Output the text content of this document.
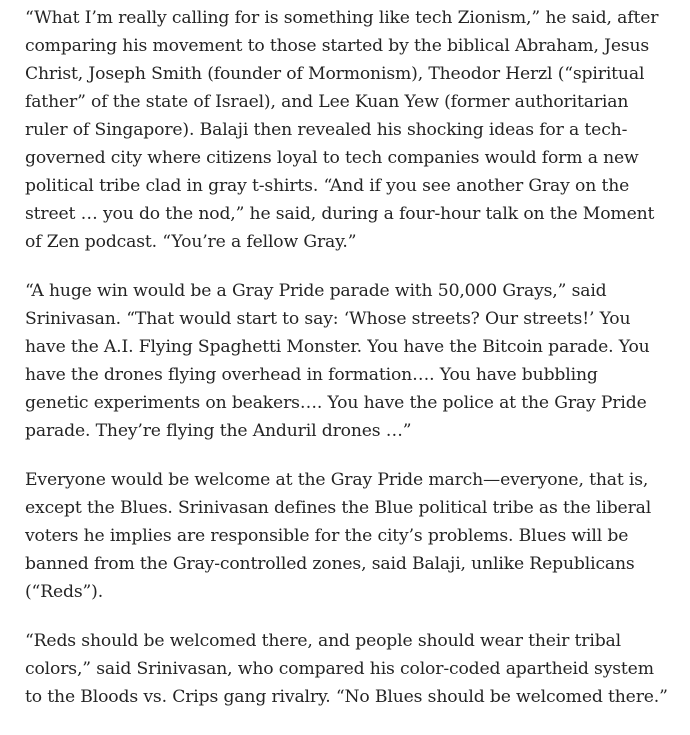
“What I’m really calling for is something like tech Zionism,” he said, after
comparing his movement to those started by the biblical Abraham, Jesus
Christ, Joseph Smith (founder of Mormonism), Theodor Herzl (“spiritual
father” of the state of Israel), and Lee Kuan Yew (former authoritarian
ruler of Singapore). Balaji then revealed his shocking ideas for a tech-
governed city where citizens loyal to tech companies would form a new
political tribe clad in gray t-shirts. “And if you see another Gray on the
street … you do the nod,” he said, during a four-hour talk on the Moment
of Zen podcast. “You’re a fellow Gray.”

“A huge win would be a Gray Pride parade with 50,000 Grays,” said
Srinivasan. “That would start to say: ‘Whose streets? Our streets!’ You
have the A.I. Flying Spaghetti Monster. You have the Bitcoin parade. You
have the drones flying overhead in formation…. You have bubbling
genetic experiments on beakers…. You have the police at the Gray Pride
parade. They’re flying the Anduril drones …”

Everyone would be welcome at the Gray Pride march—everyone, that is,
except the Blues. Srinivasan defines the Blue political tribe as the liberal
voters he implies are responsible for the city’s problems. Blues will be
banned from the Gray-controlled zones, said Balaji, unlike Republicans
(“Reds”).

“Reds should be welcomed there, and people should wear their tribal
colors,” said Srinivasan, who compared his color-coded apartheid system
to the Bloods vs. Crips gang rivalry. “No Blues should be welcomed there.”
